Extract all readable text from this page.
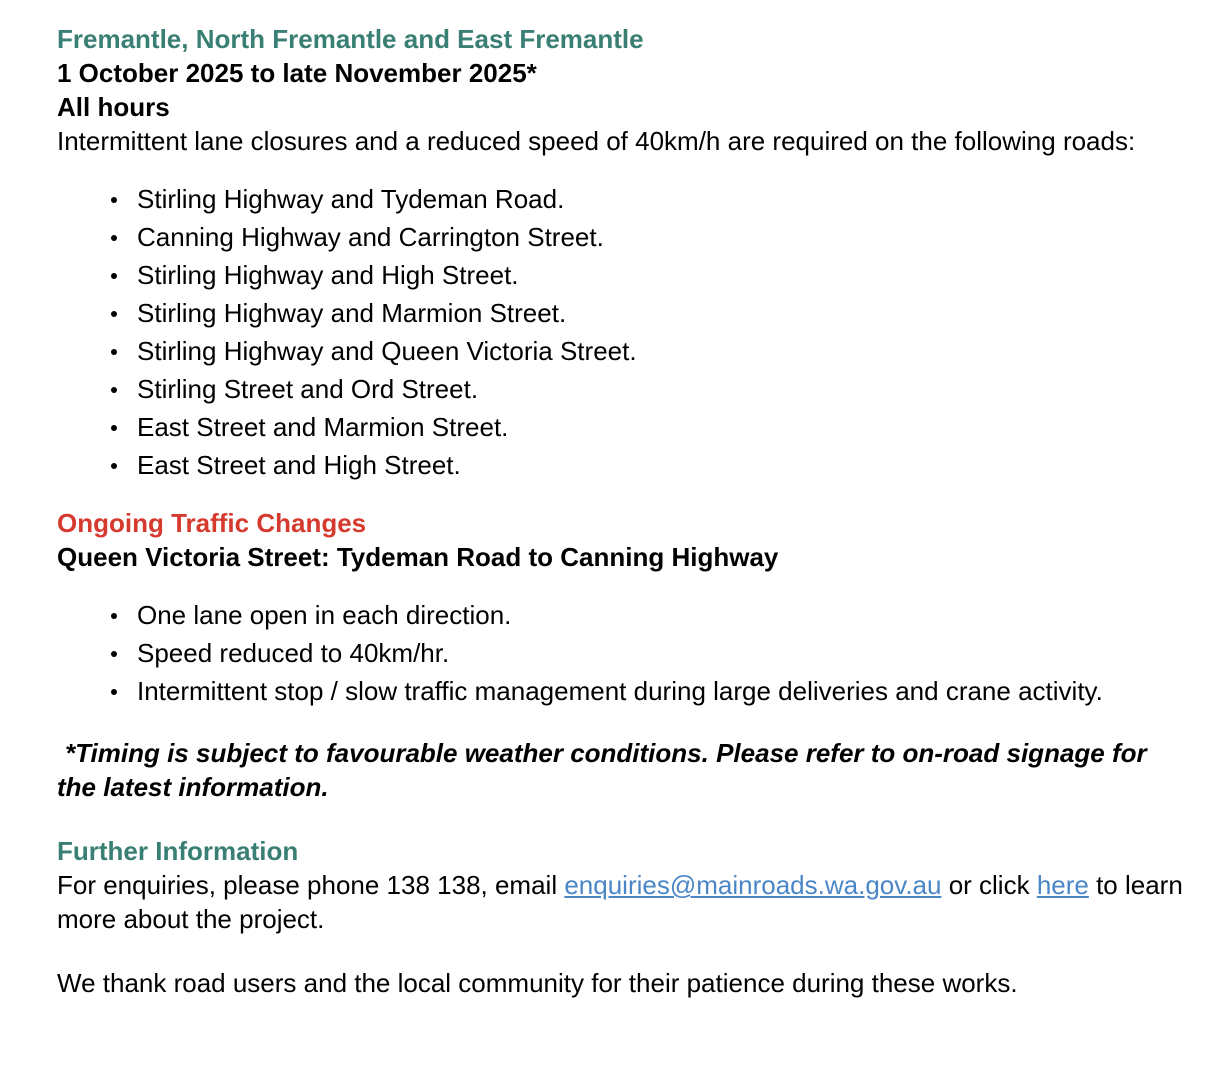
Fremantle, North Fremantle and East Fremantle

1 October 2025 to late November 2025*

All hours

Intermittent lane closures and a reduced speed of 40km/h are required on the following roads:

Stirling Highway and Tydeman Road.
Canning Highway and Carrington Street.
Stirling Highway and High Street.
Stirling Highway and Marmion Street.
Stirling Highway and Queen Victoria Street.
Stirling Street and Ord Street.
East Street and Marmion Street.
East Street and High Street.

Ongoing Traffic Changes

Queen Victoria Street: Tydeman Road to Canning Highway

One lane open in each direction.
Speed reduced to 40km/hr.
Intermittent stop / slow traffic management during large deliveries and crane activity.

*Timing is subject to favourable weather conditions. Please refer to on-road signage for the latest information.

Further Information

For enquiries, please phone 138 138, email enquiries@mainroads.wa.gov.au or click here to learn more about the project.

We thank road users and the local community for their patience during these works.
